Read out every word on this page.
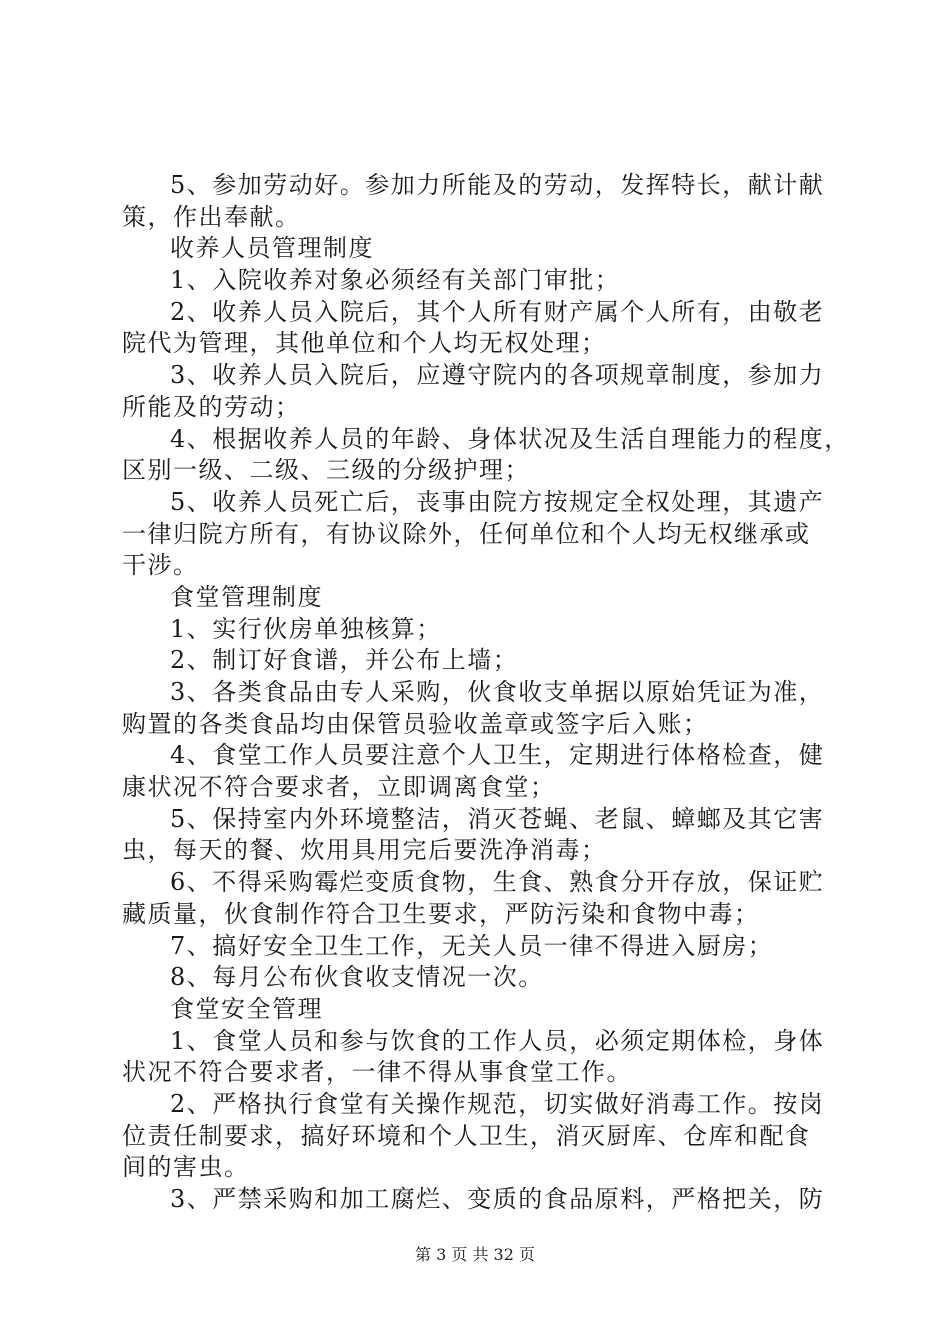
5、参加劳动好。参加力所能及的劳动，发挥特长，献计献
策，作出奉献。
收养人员管理制度
1、入院收养对象必须经有关部门审批；
2、收养人员入院后，其个人所有财产属个人所有，由敬老
院代为管理，其他单位和个人均无权处理；
3、收养人员入院后，应遵守院内的各项规章制度，参加力
所能及的劳动；
4、根据收养人员的年龄、身体状况及生活自理能力的程度，
区别一级、二级、三级的分级护理；
5、收养人员死亡后，丧事由院方按规定全权处理，其遗产
一律归院方所有，有协议除外，任何单位和个人均无权继承或
干涉。
食堂管理制度
1、实行伙房单独核算；
2、制订好食谱，并公布上墙；
3、各类食品由专人采购，伙食收支单据以原始凭证为准，
购置的各类食品均由保管员验收盖章或签字后入账；
4、食堂工作人员要注意个人卫生，定期进行体格检查，健
康状况不符合要求者，立即调离食堂；
5、保持室内外环境整洁，消灭苍蝇、老鼠、蟑螂及其它害
虫，每天的餐、炊用具用完后要洗净消毒；
6、不得采购霉烂变质食物，生食、熟食分开存放，保证贮
藏质量，伙食制作符合卫生要求，严防污染和食物中毒；
7、搞好安全卫生工作，无关人员一律不得进入厨房；
8、每月公布伙食收支情况一次。
食堂安全管理
1、食堂人员和参与饮食的工作人员，必须定期体检，身体
状况不符合要求者，一律不得从事食堂工作。
2、严格执行食堂有关操作规范，切实做好消毒工作。按岗
位责任制要求，搞好环境和个人卫生，消灭厨库、仓库和配食
间的害虫。
3、严禁采购和加工腐烂、变质的食品原料，严格把关，防
第 3 页 共 32 页
